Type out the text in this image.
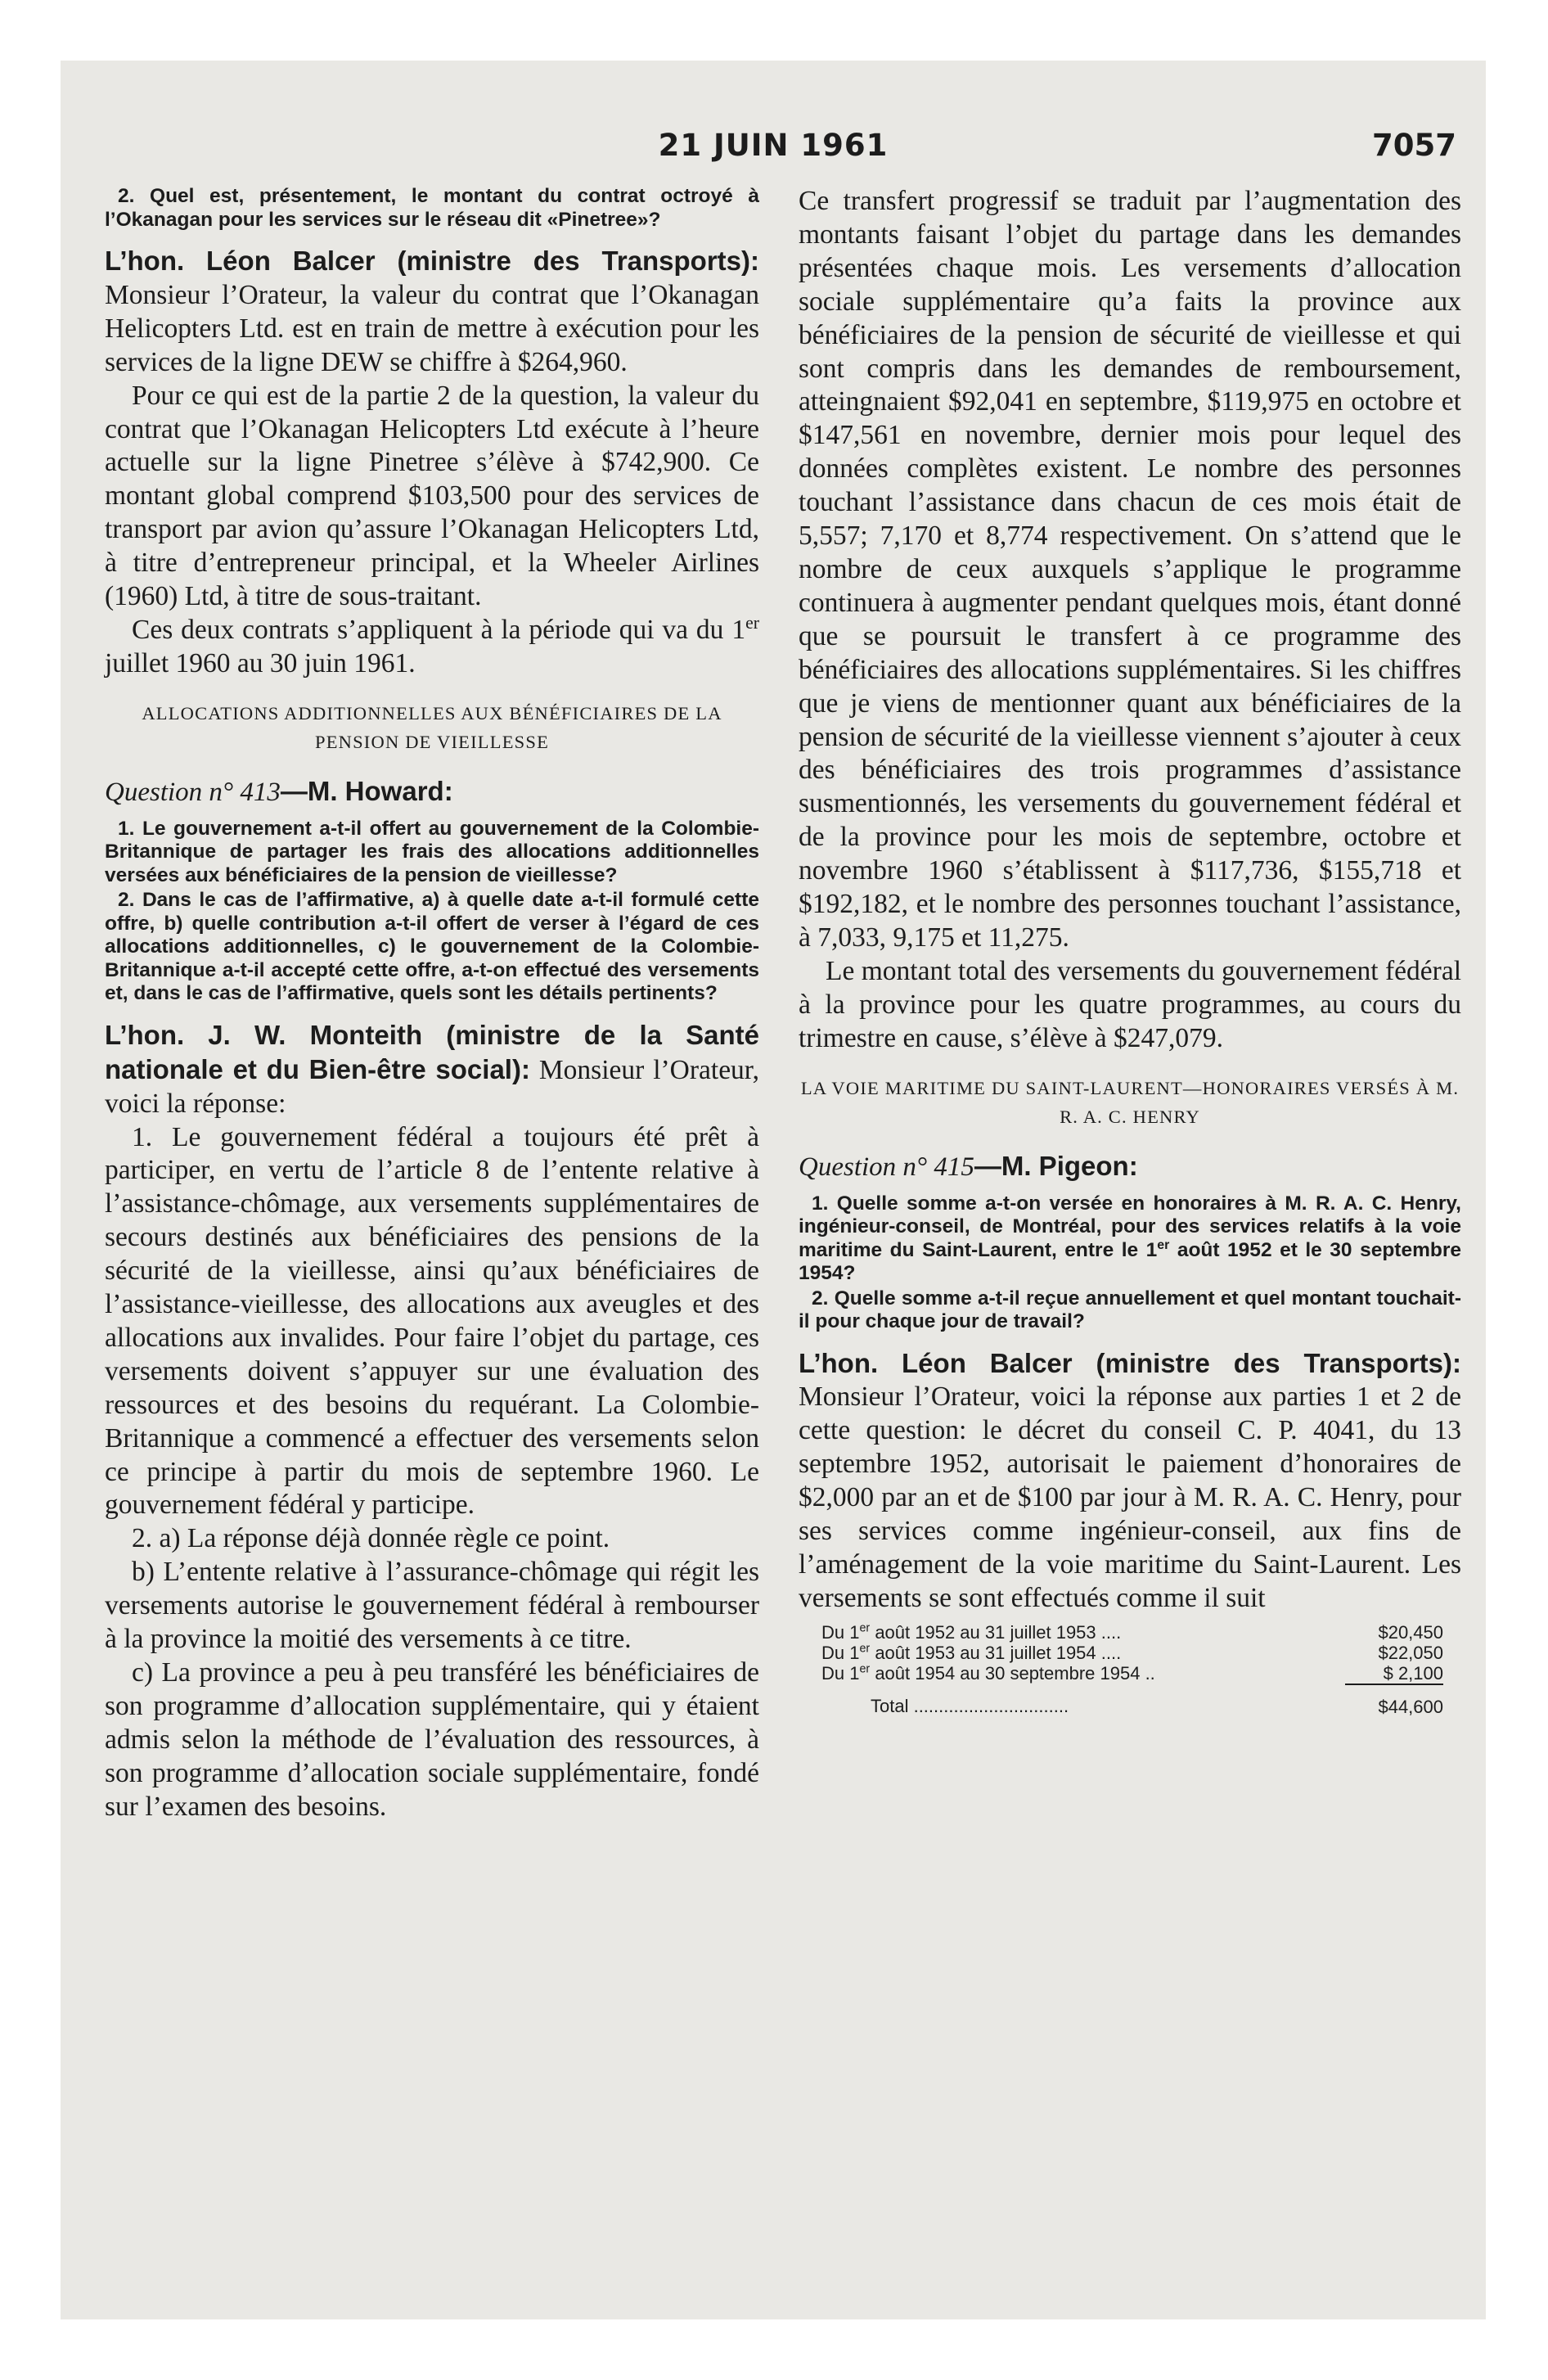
21 JUIN 1961	7057

2. Quel est, présentement, le montant du contrat octroyé à l’Okanagan pour les services sur le réseau dit «Pinetree»?

L’hon. Léon Balcer (ministre des Transports): Monsieur l’Orateur, la valeur du contrat que l’Okanagan Helicopters Ltd. est en train de mettre à exécution pour les services de la ligne DEW se chiffre à $264,960.

Pour ce qui est de la partie 2 de la question, la valeur du contrat que l’Okanagan Helicopters Ltd exécute à l’heure actuelle sur la ligne Pinetree s’élève à $742,900. Ce montant global comprend $103,500 pour des services de transport par avion qu’assure l’Okanagan Helicopters Ltd, à titre d’entrepreneur principal, et la Wheeler Airlines (1960) Ltd, à titre de sous-traitant.

Ces deux contrats s’appliquent à la période qui va du 1er juillet 1960 au 30 juin 1961.

ALLOCATIONS ADDITIONNELLES AUX BÉNÉFICIAIRES DE LA PENSION DE VIEILLESSE

Question n° 413—M. Howard:

1. Le gouvernement a-t-il offert au gouvernement de la Colombie-Britannique de partager les frais des allocations additionnelles versées aux bénéficiaires de la pension de vieillesse?

2. Dans le cas de l’affirmative, a) à quelle date a-t-il formulé cette offre, b) quelle contribution a-t-il offert de verser à l’égard de ces allocations additionnelles, c) le gouvernement de la Colombie-Britannique a-t-il accepté cette offre, a-t-on effectué des versements et, dans le cas de l’affirmative, quels sont les détails pertinents?

L’hon. J. W. Monteith (ministre de la Santé nationale et du Bien-être social): Monsieur l’Orateur, voici la réponse:

1. Le gouvernement fédéral a toujours été prêt à participer, en vertu de l’article 8 de l’entente relative à l’assistance-chômage, aux versements supplémentaires de secours destinés aux bénéficiaires des pensions de la sécurité de la vieillesse, ainsi qu’aux bénéficiaires de l’assistance-vieillesse, des allocations aux aveugles et des allocations aux invalides. Pour faire l’objet du partage, ces versements doivent s’appuyer sur une évaluation des ressources et des besoins du requérant. La Colombie-Britannique a commencé a effectuer des versements selon ce principe à partir du mois de septembre 1960. Le gouvernement fédéral y participe.

2. a) La réponse déjà donnée règle ce point.

b) L’entente relative à l’assurance-chômage qui régit les versements autorise le gouvernement fédéral à rembourser à la province la moitié des versements à ce titre.

c) La province a peu à peu transféré les bénéficiaires de son programme d’allocation supplémentaire, qui y étaient admis selon la méthode de l’évaluation des ressources, à son programme d’allocation sociale supplémentaire, fondé sur l’examen des besoins.

Ce transfert progressif se traduit par l’augmentation des montants faisant l’objet du partage dans les demandes présentées chaque mois. Les versements d’allocation sociale supplémentaire qu’a faits la province aux bénéficiaires de la pension de sécurité de vieillesse et qui sont compris dans les demandes de remboursement, atteingnaient $92,041 en septembre, $119,975 en octobre et $147,561 en novembre, dernier mois pour lequel des données complètes existent. Le nombre des personnes touchant l’assistance dans chacun de ces mois était de 5,557; 7,170 et 8,774 respectivement. On s’attend que le nombre de ceux auxquels s’applique le programme continuera à augmenter pendant quelques mois, étant donné que se poursuit le transfert à ce programme des bénéficiaires des allocations supplémentaires. Si les chiffres que je viens de mentionner quant aux bénéficiaires de la pension de sécurité de la vieillesse viennent s’ajouter à ceux des bénéficiaires des trois programmes d’assistance susmentionnés, les versements du gouvernement fédéral et de la province pour les mois de septembre, octobre et novembre 1960 s’établissent à $117,736, $155,718 et $192,182, et le nombre des personnes touchant l’assistance, à 7,033, 9,175 et 11,275.

Le montant total des versements du gouvernement fédéral à la province pour les quatre programmes, au cours du trimestre en cause, s’élève à $247,079.

LA VOIE MARITIME DU SAINT-LAURENT—HONORAIRES VERSÉS À M. R. A. C. HENRY

Question n° 415—M. Pigeon:

1. Quelle somme a-t-on versée en honoraires à M. R. A. C. Henry, ingénieur-conseil, de Montréal, pour des services relatifs à la voie maritime du Saint-Laurent, entre le 1er août 1952 et le 30 septembre 1954?

2. Quelle somme a-t-il reçue annuellement et quel montant touchait-il pour chaque jour de travail?

L’hon. Léon Balcer (ministre des Transports): Monsieur l’Orateur, voici la réponse aux parties 1 et 2 de cette question: le décret du conseil C. P. 4041, du 13 septembre 1952, autorisait le paiement d’honoraires de $2,000 par an et de $100 par jour à M. R. A. C. Henry, pour ses services comme ingénieur-conseil, aux fins de l’aménagement de la voie maritime du Saint-Laurent. Les versements se sont effectués comme il suit

Du 1er août 1952 au 31 juillet 1953 ....	$20,450
Du 1er août 1953 au 31 juillet 1954 ....	$22,050
Du 1er août 1954 au 30 septembre 1954 ..	$ 2,100
Total ...............................	$44,600
